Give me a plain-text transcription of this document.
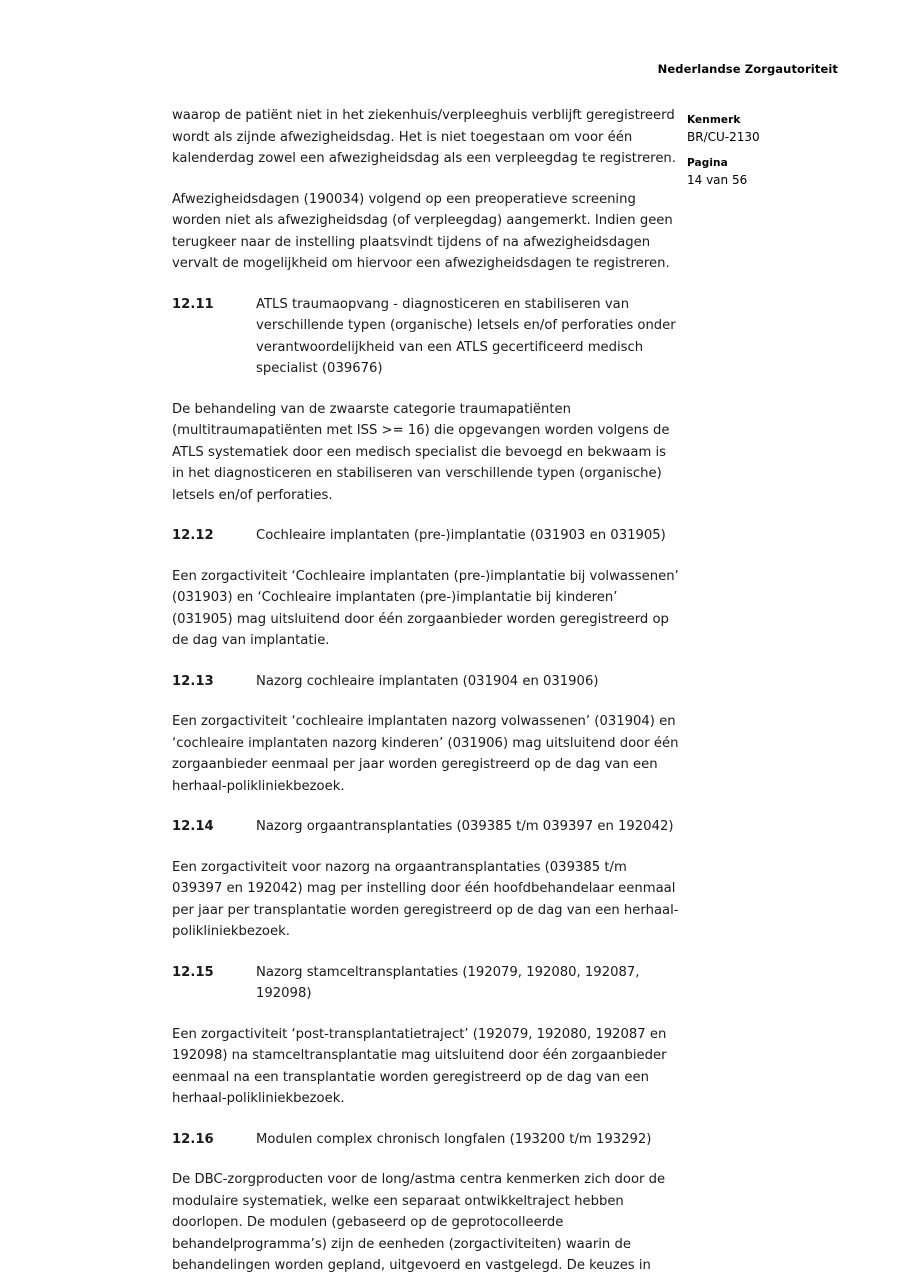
Nederlandse Zorgautoriteit
Kenmerk
BR/CU-2130
Pagina
14 van 56

waarop de patiënt niet in het ziekenhuis/verpleeghuis verblijft geregistreerd wordt als zijnde afwezigheidsdag. Het is niet toegestaan om voor één kalenderdag zowel een afwezigheidsdag als een verpleegdag te registreren.

Afwezigheidsdagen (190034) volgend op een preoperatieve screening worden niet als afwezigheidsdag (of verpleegdag) aangemerkt. Indien geen terugkeer naar de instelling plaatsvindt tijdens of na afwezigheidsdagen vervalt de mogelijkheid om hiervoor een afwezigheidsdagen te registreren.

12.11	ATLS traumaopvang - diagnosticeren en stabiliseren van verschillende typen (organische) letsels en/of perforaties onder verantwoordelijkheid van een ATLS gecertificeerd medisch specialist (039676)

De behandeling van de zwaarste categorie traumapatiënten (multitraumapatiënten met ISS >= 16) die opgevangen worden volgens de ATLS systematiek door een medisch specialist die bevoegd en bekwaam is in het diagnosticeren en stabiliseren van verschillende typen (organische) letsels en/of perforaties.

12.12	Cochleaire implantaten (pre-)implantatie (031903 en 031905)

Een zorgactiviteit ‘Cochleaire implantaten (pre-)implantatie bij volwassenen’ (031903) en ‘Cochleaire implantaten (pre-)implantatie bij kinderen’ (031905) mag uitsluitend door één zorgaanbieder worden geregistreerd op de dag van implantatie.

12.13	Nazorg cochleaire implantaten (031904 en 031906)

Een zorgactiviteit ‘cochleaire implantaten nazorg volwassenen’ (031904) en ‘cochleaire implantaten nazorg kinderen’ (031906) mag uitsluitend door één zorgaanbieder eenmaal per jaar worden geregistreerd op de dag van een herhaal-polikliniekbezoek.

12.14	Nazorg orgaantransplantaties (039385 t/m 039397 en 192042)

Een zorgactiviteit voor nazorg na orgaantransplantaties (039385 t/m 039397 en 192042) mag per instelling door één hoofdbehandelaar eenmaal per jaar per transplantatie worden geregistreerd op de dag van een herhaal-polikliniekbezoek.

12.15	Nazorg stamceltransplantaties (192079, 192080, 192087, 192098)

Een zorgactiviteit ‘post-transplantatietraject’ (192079, 192080, 192087 en 192098) na stamceltransplantatie mag uitsluitend door één zorgaanbieder eenmaal na een transplantatie worden geregistreerd op de dag van een herhaal-polikliniekbezoek.

12.16	Modulen complex chronisch longfalen (193200 t/m 193292)

De DBC-zorgproducten voor de long/astma centra kenmerken zich door de modulaire systematiek, welke een separaat ontwikkeltraject hebben doorlopen. De modulen (gebaseerd op de geprotocolleerde behandelprogramma’s) zijn de eenheden (zorgactiviteiten) waarin de behandelingen worden gepland, uitgevoerd en vastgelegd. De keuzes in
